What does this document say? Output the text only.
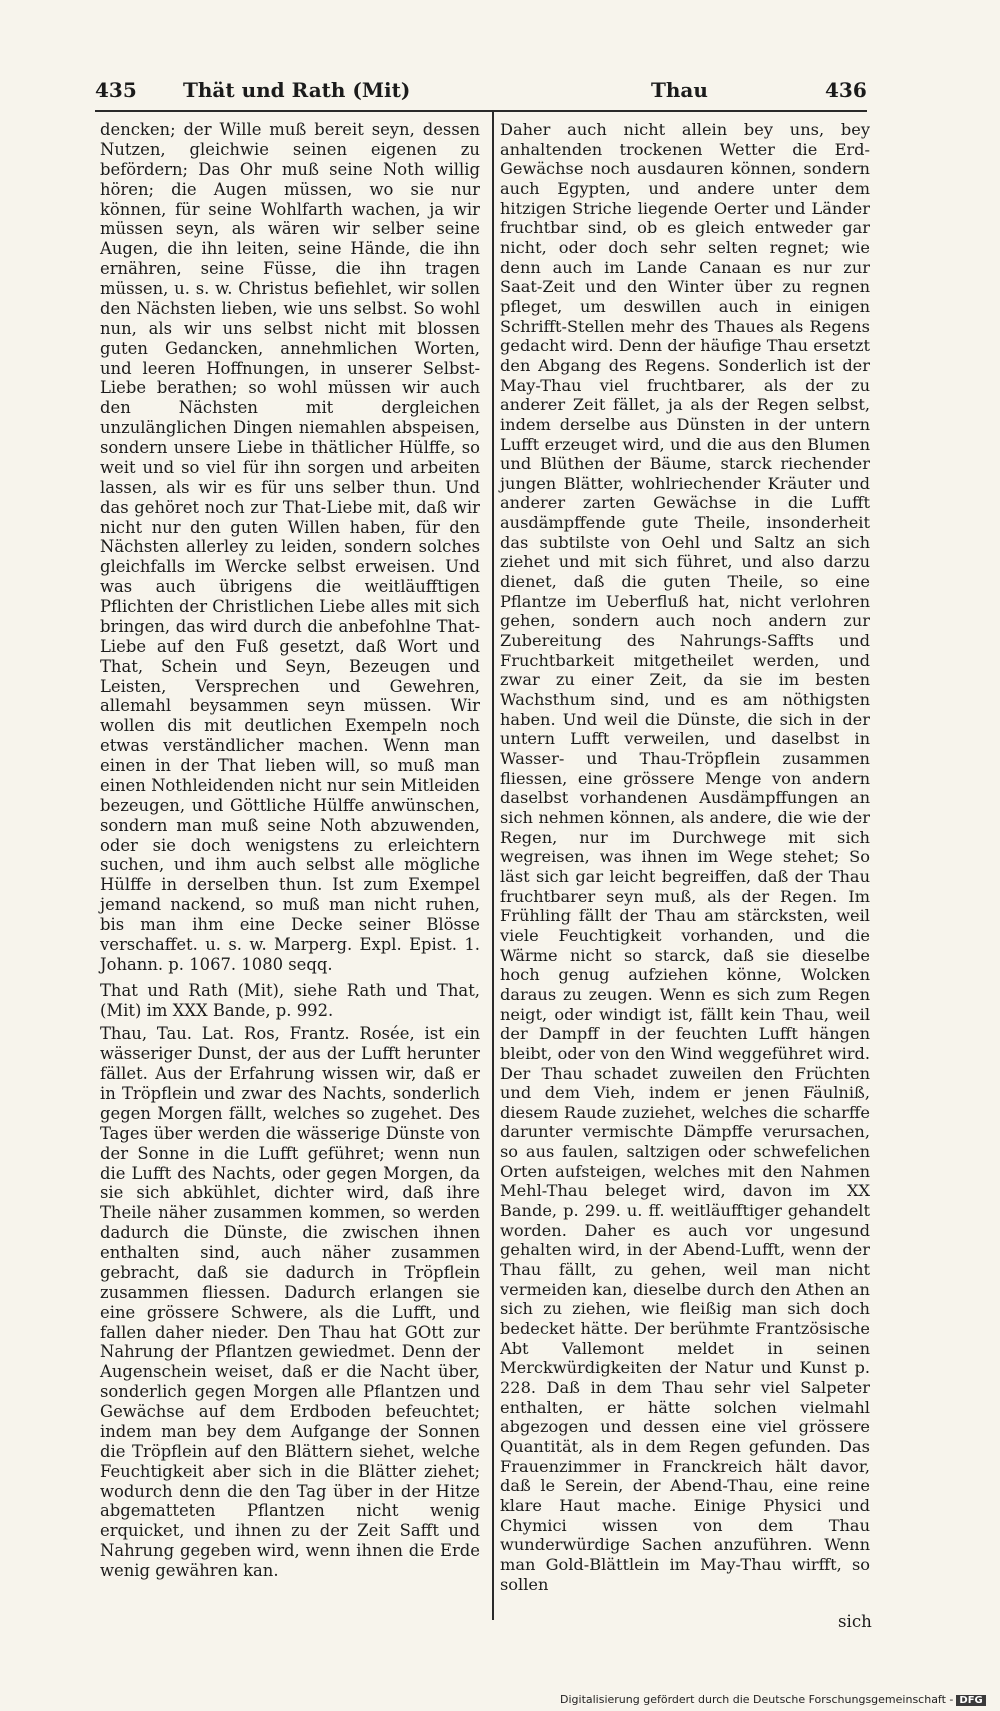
435 Thät und Rath (Mit)	Thau	436

dencken; der Wille muß bereit seyn, dessen Nutzen, gleichwie seinen eigenen zu befördern; Das Ohr muß seine Noth willig hören; die Augen müssen, wo sie nur können, für seine Wohlfarth wachen, ja wir müssen seyn, als wären wir selber seine Augen, die ihn leiten, seine Hände, die ihn ernähren, seine Füsse, die ihn tragen müssen, u. s. w. Christus befiehlet, wir sollen den Nächsten lieben, wie uns selbst. So wohl nun, als wir uns selbst nicht mit blossen guten Gedancken, annehmlichen Worten, und leeren Hoffnungen, in unserer Selbst-Liebe berathen; so wohl müssen wir auch den Nächsten mit dergleichen unzulänglichen Dingen niemahlen abspeisen, sondern unsere Liebe in thätlicher Hülffe, so weit und so viel für ihn sorgen und arbeiten lassen, als wir es für uns selber thun. Und das gehöret noch zur That-Liebe mit, daß wir nicht nur den guten Willen haben, für den Nächsten allerley zu leiden, sondern solches gleichfalls im Wercke selbst erweisen. Und was auch übrigens die weitläufftigen Pflichten der Christlichen Liebe alles mit sich bringen, das wird durch die anbefohlne That-Liebe auf den Fuß gesetzt, daß Wort und That, Schein und Seyn, Bezeugen und Leisten, Versprechen und Gewehren, allemahl beysammen seyn müssen. Wir wollen dis mit deutlichen Exempeln noch etwas verständlicher machen. Wenn man einen in der That lieben will, so muß man einen Nothleidenden nicht nur sein Mitleiden bezeugen, und Göttliche Hülffe anwünschen, sondern man muß seine Noth abzuwenden, oder sie doch wenigstens zu erleichtern suchen, und ihm auch selbst alle mögliche Hülffe in derselben thun. Ist zum Exempel jemand nackend, so muß man nicht ruhen, bis man ihm eine Decke seiner Blösse verschaffet. u. s. w. Marperg. Expl. Epist. 1. Johann. p. 1067. 1080 seqq.

That und Rath (Mit), siehe Rath und That, (Mit) im XXX Bande, p. 992.

Thau, Tau. Lat. Ros, Frantz. Rosée, ist ein wässeriger Dunst, der aus der Lufft herunter fället. Aus der Erfahrung wissen wir, daß er in Tröpflein und zwar des Nachts, sonderlich gegen Morgen fällt, welches so zugehet. Des Tages über werden die wässerige Dünste von der Sonne in die Lufft geführet; wenn nun die Lufft des Nachts, oder gegen Morgen, da sie sich abkühlet, dichter wird, daß ihre Theile näher zusammen kommen, so werden dadurch die Dünste, die zwischen ihnen enthalten sind, auch näher zusammen gebracht, daß sie dadurch in Tröpflein zusammen fliessen. Dadurch erlangen sie eine grössere Schwere, als die Lufft, und fallen daher nieder. Den Thau hat GOtt zur Nahrung der Pflantzen gewiedmet. Denn der Augenschein weiset, daß er die Nacht über, sonderlich gegen Morgen alle Pflantzen und Gewächse auf dem Erdboden befeuchtet; indem man bey dem Aufgange der Sonnen die Tröpflein auf den Blättern siehet, welche Feuchtigkeit aber sich in die Blätter ziehet; wodurch denn die den Tag über in der Hitze abgematteten Pflantzen nicht wenig erquicket, und ihnen zu der Zeit Safft und Nahrung gegeben wird, wenn ihnen die Erde wenig gewähren kan.

Daher auch nicht allein bey uns, bey anhaltenden trockenen Wetter die Erd-Gewächse noch ausdauren können, sondern auch Egypten, und andere unter dem hitzigen Striche liegende Oerter und Länder fruchtbar sind, ob es gleich entweder gar nicht, oder doch sehr selten regnet; wie denn auch im Lande Canaan es nur zur Saat-Zeit und den Winter über zu regnen pfleget, um deswillen auch in einigen Schrifft-Stellen mehr des Thaues als Regens gedacht wird. Denn der häufige Thau ersetzt den Abgang des Regens. Sonderlich ist der May-Thau viel fruchtbarer, als der zu anderer Zeit fället, ja als der Regen selbst, indem derselbe aus Dünsten in der untern Lufft erzeuget wird, und die aus den Blumen und Blüthen der Bäume, starck riechender jungen Blätter, wohlriechender Kräuter und anderer zarten Gewächse in die Lufft ausdämpffende gute Theile, insonderheit das subtilste von Oehl und Saltz an sich ziehet und mit sich führet, und also darzu dienet, daß die guten Theile, so eine Pflantze im Ueberfluß hat, nicht verlohren gehen, sondern auch noch andern zur Zubereitung des Nahrungs-Saffts und Fruchtbarkeit mitgetheilet werden, und zwar zu einer Zeit, da sie im besten Wachsthum sind, und es am nöthigsten haben. Und weil die Dünste, die sich in der untern Lufft verweilen, und daselbst in Wasser- und Thau-Tröpflein zusammen fliessen, eine grössere Menge von andern daselbst vorhandenen Ausdämpffungen an sich nehmen können, als andere, die wie der Regen, nur im Durchwege mit sich wegreisen, was ihnen im Wege stehet; So läst sich gar leicht begreiffen, daß der Thau fruchtbarer seyn muß, als der Regen. Im Frühling fällt der Thau am stärcksten, weil viele Feuchtigkeit vorhanden, und die Wärme nicht so starck, daß sie dieselbe hoch genug aufziehen könne, Wolcken daraus zu zeugen. Wenn es sich zum Regen neigt, oder windigt ist, fällt kein Thau, weil der Dampff in der feuchten Lufft hängen bleibt, oder von den Wind weggeführet wird. Der Thau schadet zuweilen den Früchten und dem Vieh, indem er jenen Fäulniß, diesem Raude zuziehet, welches die scharffe darunter vermischte Dämpffe verursachen, so aus faulen, saltzigen oder schwefelichen Orten aufsteigen, welches mit den Nahmen Mehl-Thau beleget wird, davon im XX Bande, p. 299. u. ff. weitläufftiger gehandelt worden. Daher es auch vor ungesund gehalten wird, in der Abend-Lufft, wenn der Thau fällt, zu gehen, weil man nicht vermeiden kan, dieselbe durch den Athen an sich zu ziehen, wie fleißig man sich doch bedecket hätte. Der berühmte Frantzösische Abt Vallemont meldet in seinen Merckwürdigkeiten der Natur und Kunst p. 228. Daß in dem Thau sehr viel Salpeter enthalten, er hätte solchen vielmahl abgezogen und dessen eine viel grössere Quantität, als in dem Regen gefunden. Das Frauenzimmer in Franckreich hält davor, daß le Serein, der Abend-Thau, eine reine klare Haut mache. Einige Physici und Chymici wissen von dem Thau wunderwürdige Sachen anzuführen. Wenn man Gold-Blättlein im May-Thau wirfft, so sollen

sich
Digitalisierung gefördert durch die Deutsche Forschungsgemeinschaft - DFG
